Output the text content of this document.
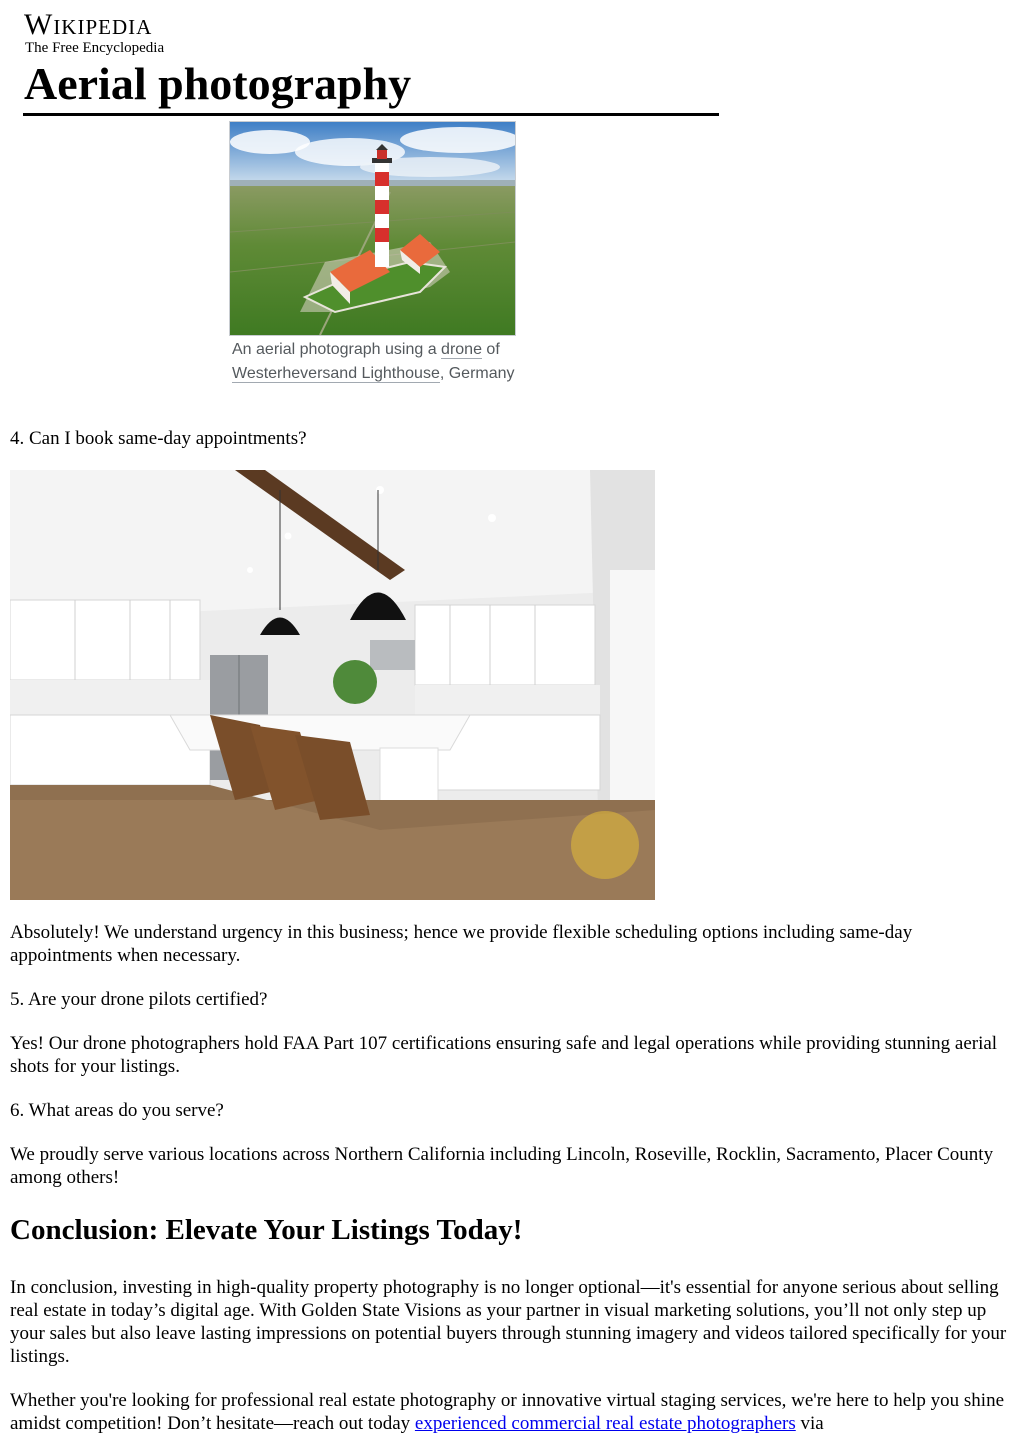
Wikipedia
The Free Encyclopedia
Aerial photography
An aerial photograph using a drone of Westerheversand Lighthouse, Germany

4. Can I book same-day appointments?

Absolutely! We understand urgency in this business; hence we provide flexible scheduling options including same-day appointments when necessary.

5. Are your drone pilots certified?

Yes! Our drone photographers hold FAA Part 107 certifications ensuring safe and legal operations while providing stunning aerial shots for your listings.

6. What areas do you serve?

We proudly serve various locations across Northern California including Lincoln, Roseville, Rocklin, Sacramento, Placer County among others!

Conclusion: Elevate Your Listings Today!

In conclusion, investing in high-quality property photography is no longer optional—it's essential for anyone serious about selling real estate in today’s digital age. With Golden State Visions as your partner in visual marketing solutions, you’ll not only step up your sales but also leave lasting impressions on potential buyers through stunning imagery and videos tailored specifically for your listings.

Whether you're looking for professional real estate photography or innovative virtual staging services, we're here to help you shine amidst competition! Don’t hesitate—reach out today experienced commercial real estate photographers via
